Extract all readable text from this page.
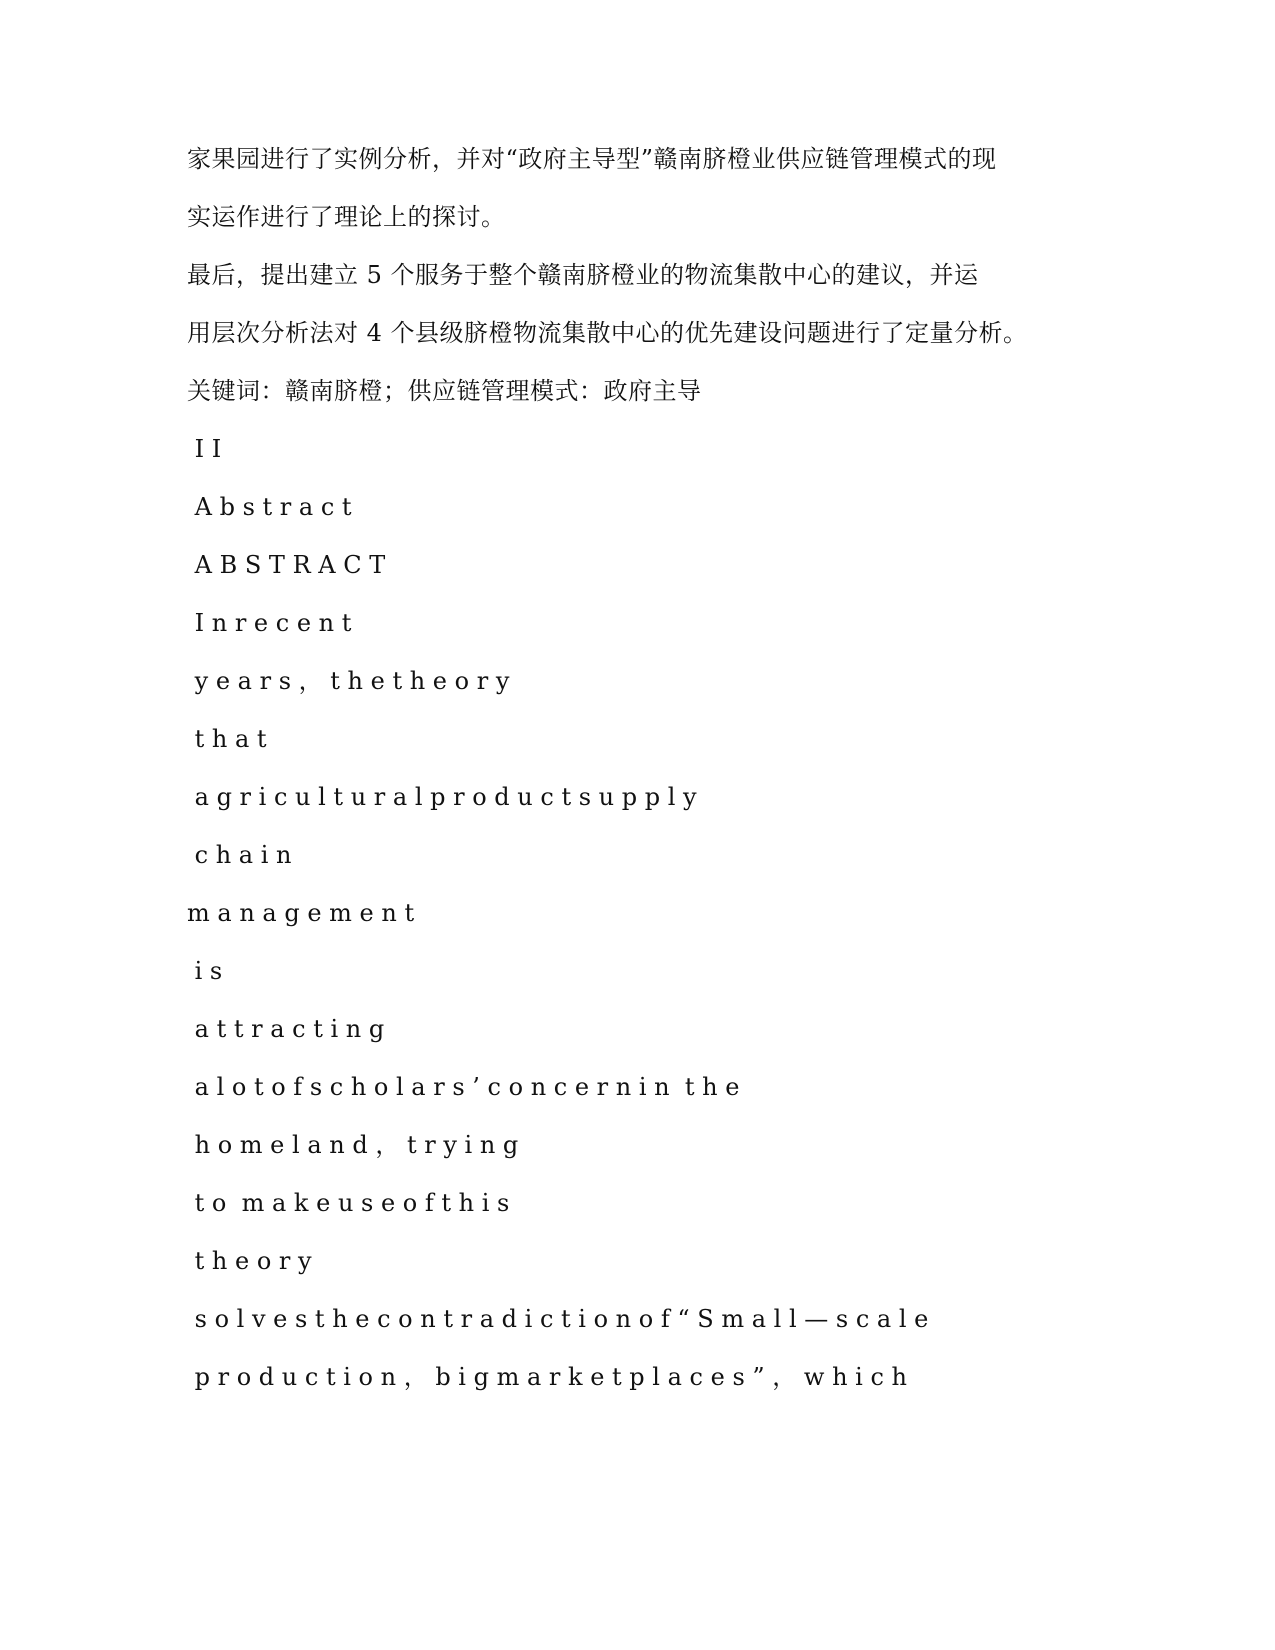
家果园进行了实例分析，并对“政府主导型”赣南脐橙业供应链管理模式的现
实运作进行了理论上的探讨。
最后，提出建立 5 个服务于整个赣南脐橙业的物流集散中心的建议，并运
用层次分析法对 4 个县级脐橙物流集散中心的优先建设问题进行了定量分析。
关键词：赣南脐橙；供应链管理模式：政府主导
I I
A b s t r a c t
A B S T R A C T
I n r e c e n t
y e a r s ， t h e t h e o r y
t h a t
a g r i c u l t u r a l p r o d u c t s u p p l y
c h a i n
m a n a g e m e n t
i s
a t t r a c t i n g
a l o t o f s c h o l a r s ’ c o n c e r n i n  t h e
h o m e l a n d ， t r y i n g
t o  m a k e u s e o f t h i s
t h e o r y
s o l v e s t h e c o n t r a d i c t i o n o f “ S m a l l — s c a l e
p r o d u c t i o n ， b i g m a r k e t p l a c e s ” ， w h i c h
